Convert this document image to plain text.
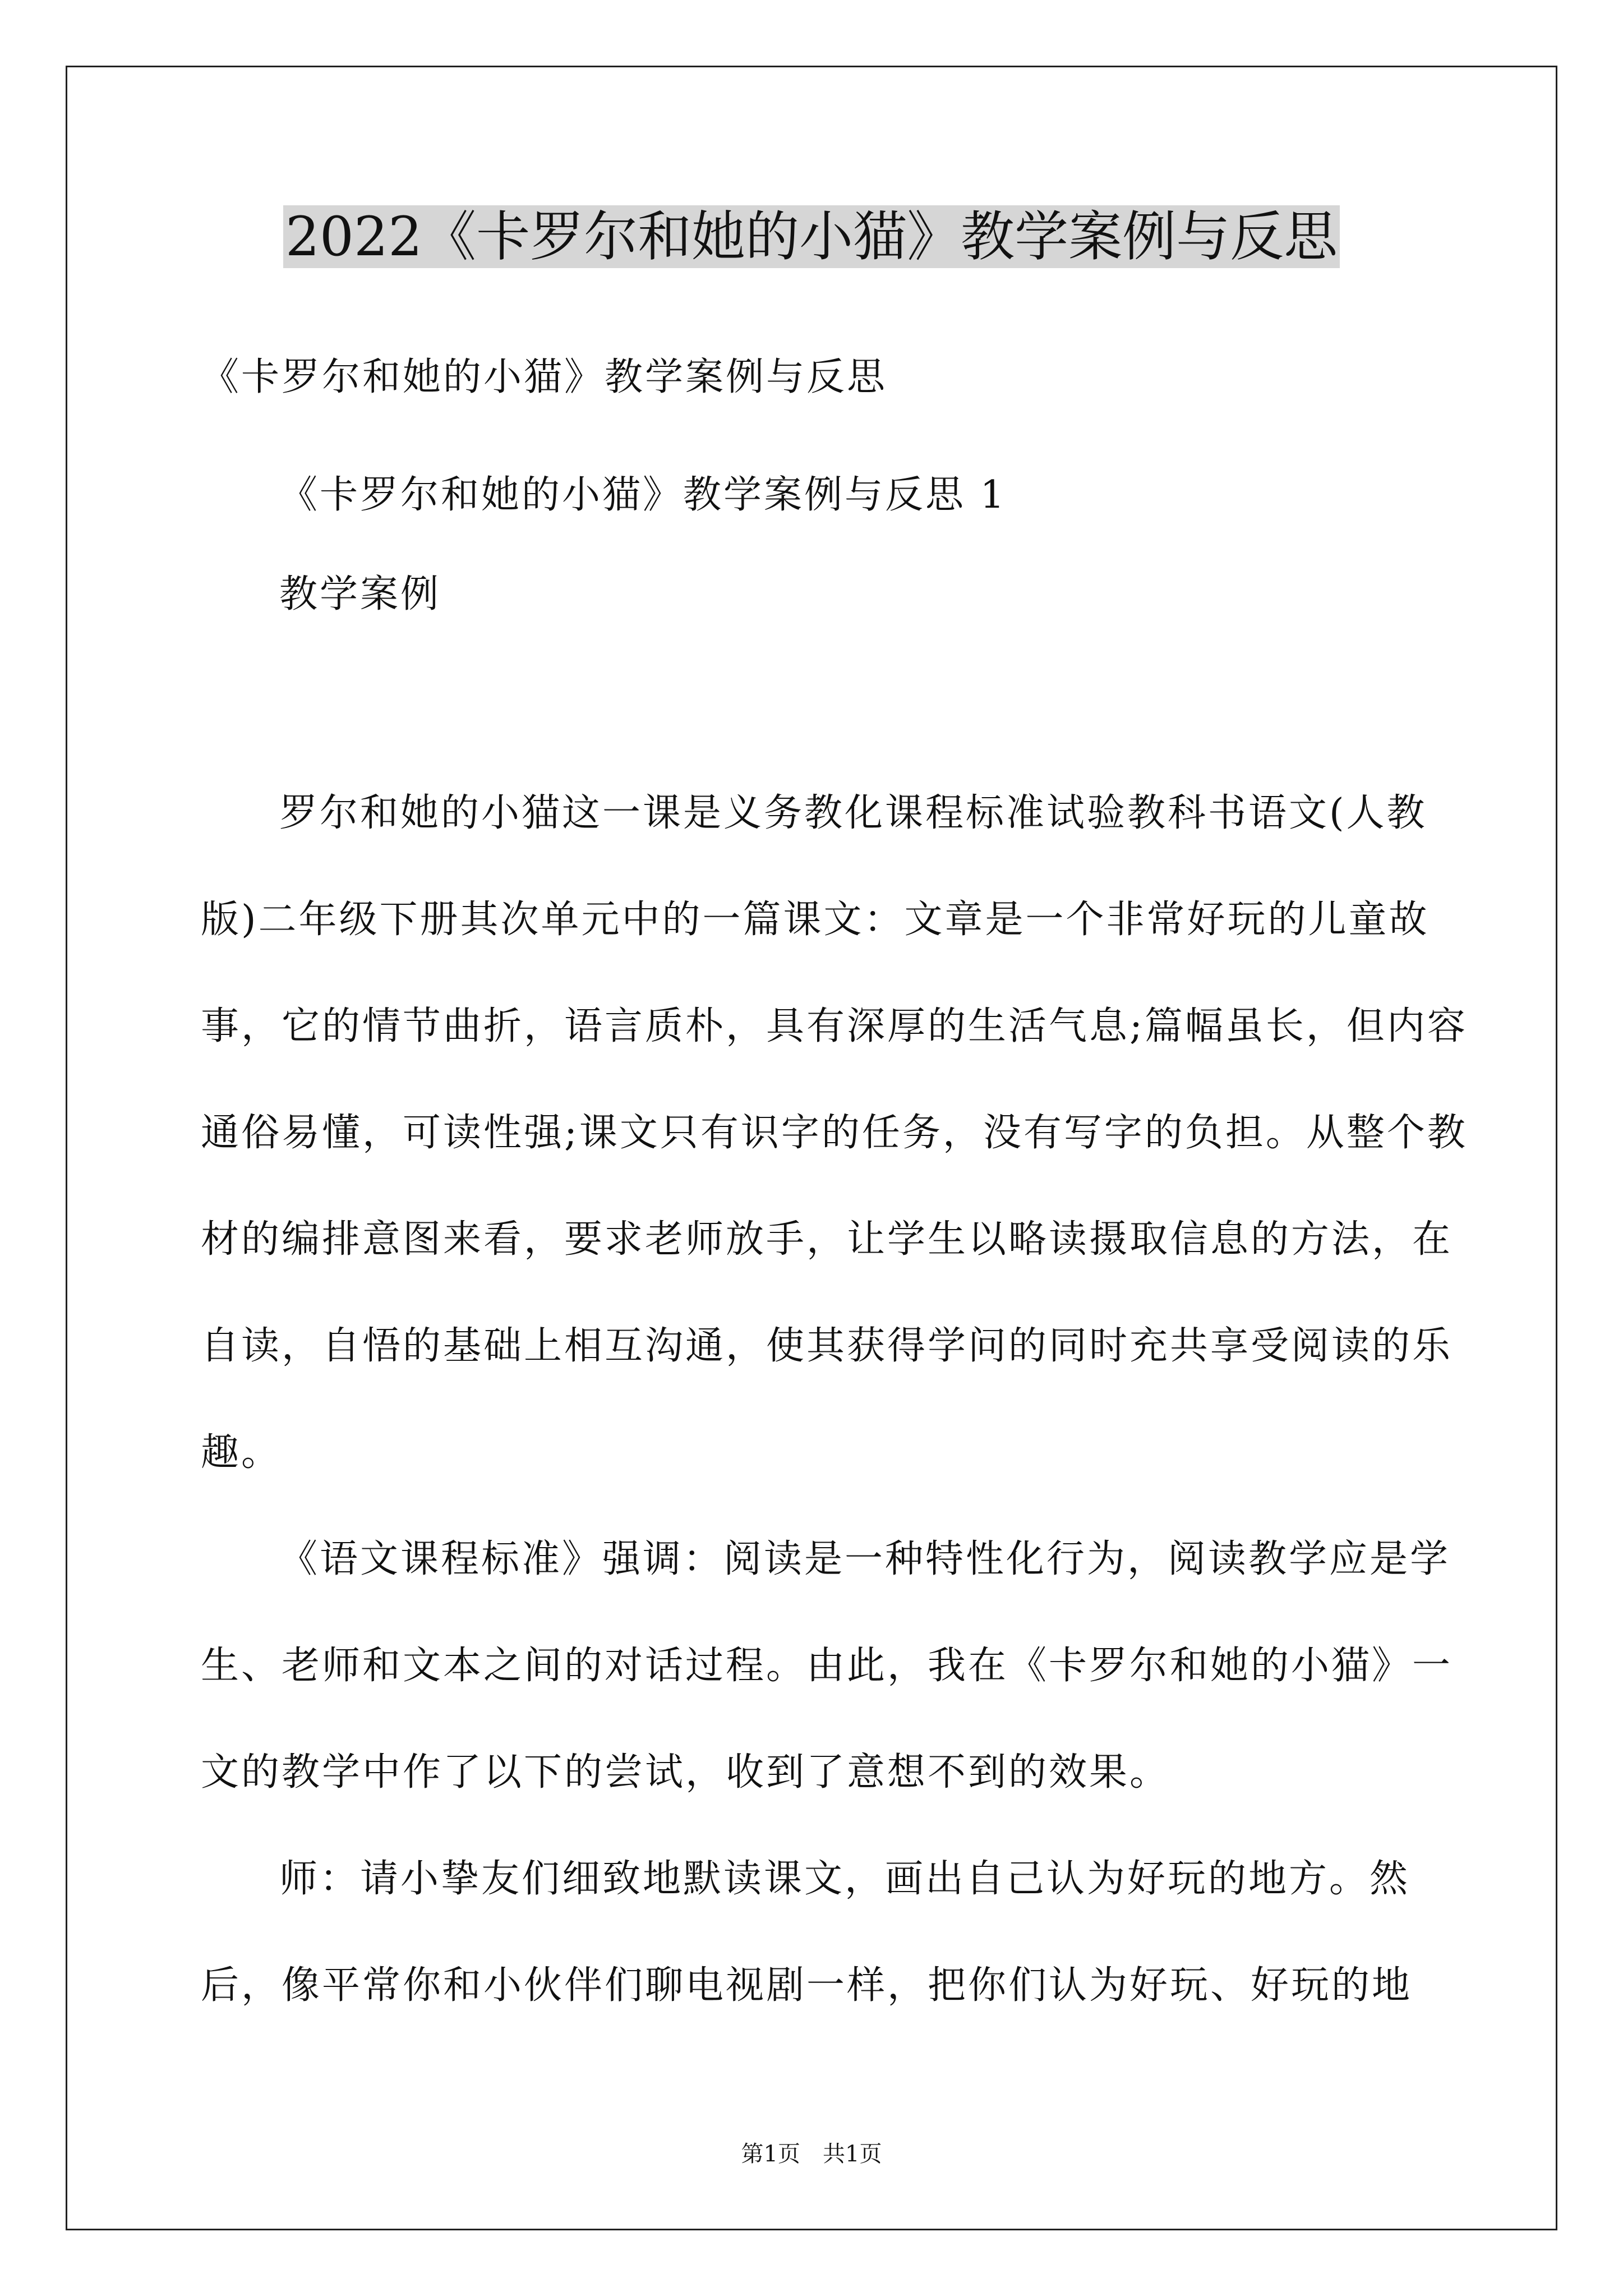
2022《卡罗尔和她的小猫》教学案例与反思
《卡罗尔和她的小猫》教学案例与反思
《卡罗尔和她的小猫》教学案例与反思 1
教学案例
罗尔和她的小猫这一课是义务教化课程标准试验教科书语文(人教版)二年级下册其次单元中的一篇课文：文章是一个非常好玩的儿童故事，它的情节曲折，语言质朴，具有深厚的生活气息;篇幅虽长，但内容通俗易懂，可读性强;课文只有识字的任务，没有写字的负担。从整个教材的编排意图来看，要求老师放手，让学生以略读摄取信息的方法，在自读，自悟的基础上相互沟通，使其获得学问的同时充共享受阅读的乐趣。
《语文课程标准》强调：阅读是一种特性化行为，阅读教学应是学生、老师和文本之间的对话过程。由此，我在《卡罗尔和她的小猫》一文的教学中作了以下的尝试，收到了意想不到的效果。
师：请小挚友们细致地默读课文，画出自己认为好玩的地方。然后，像平常你和小伙伴们聊电视剧一样，把你们认为好玩、好玩的地
第1页　共1页
